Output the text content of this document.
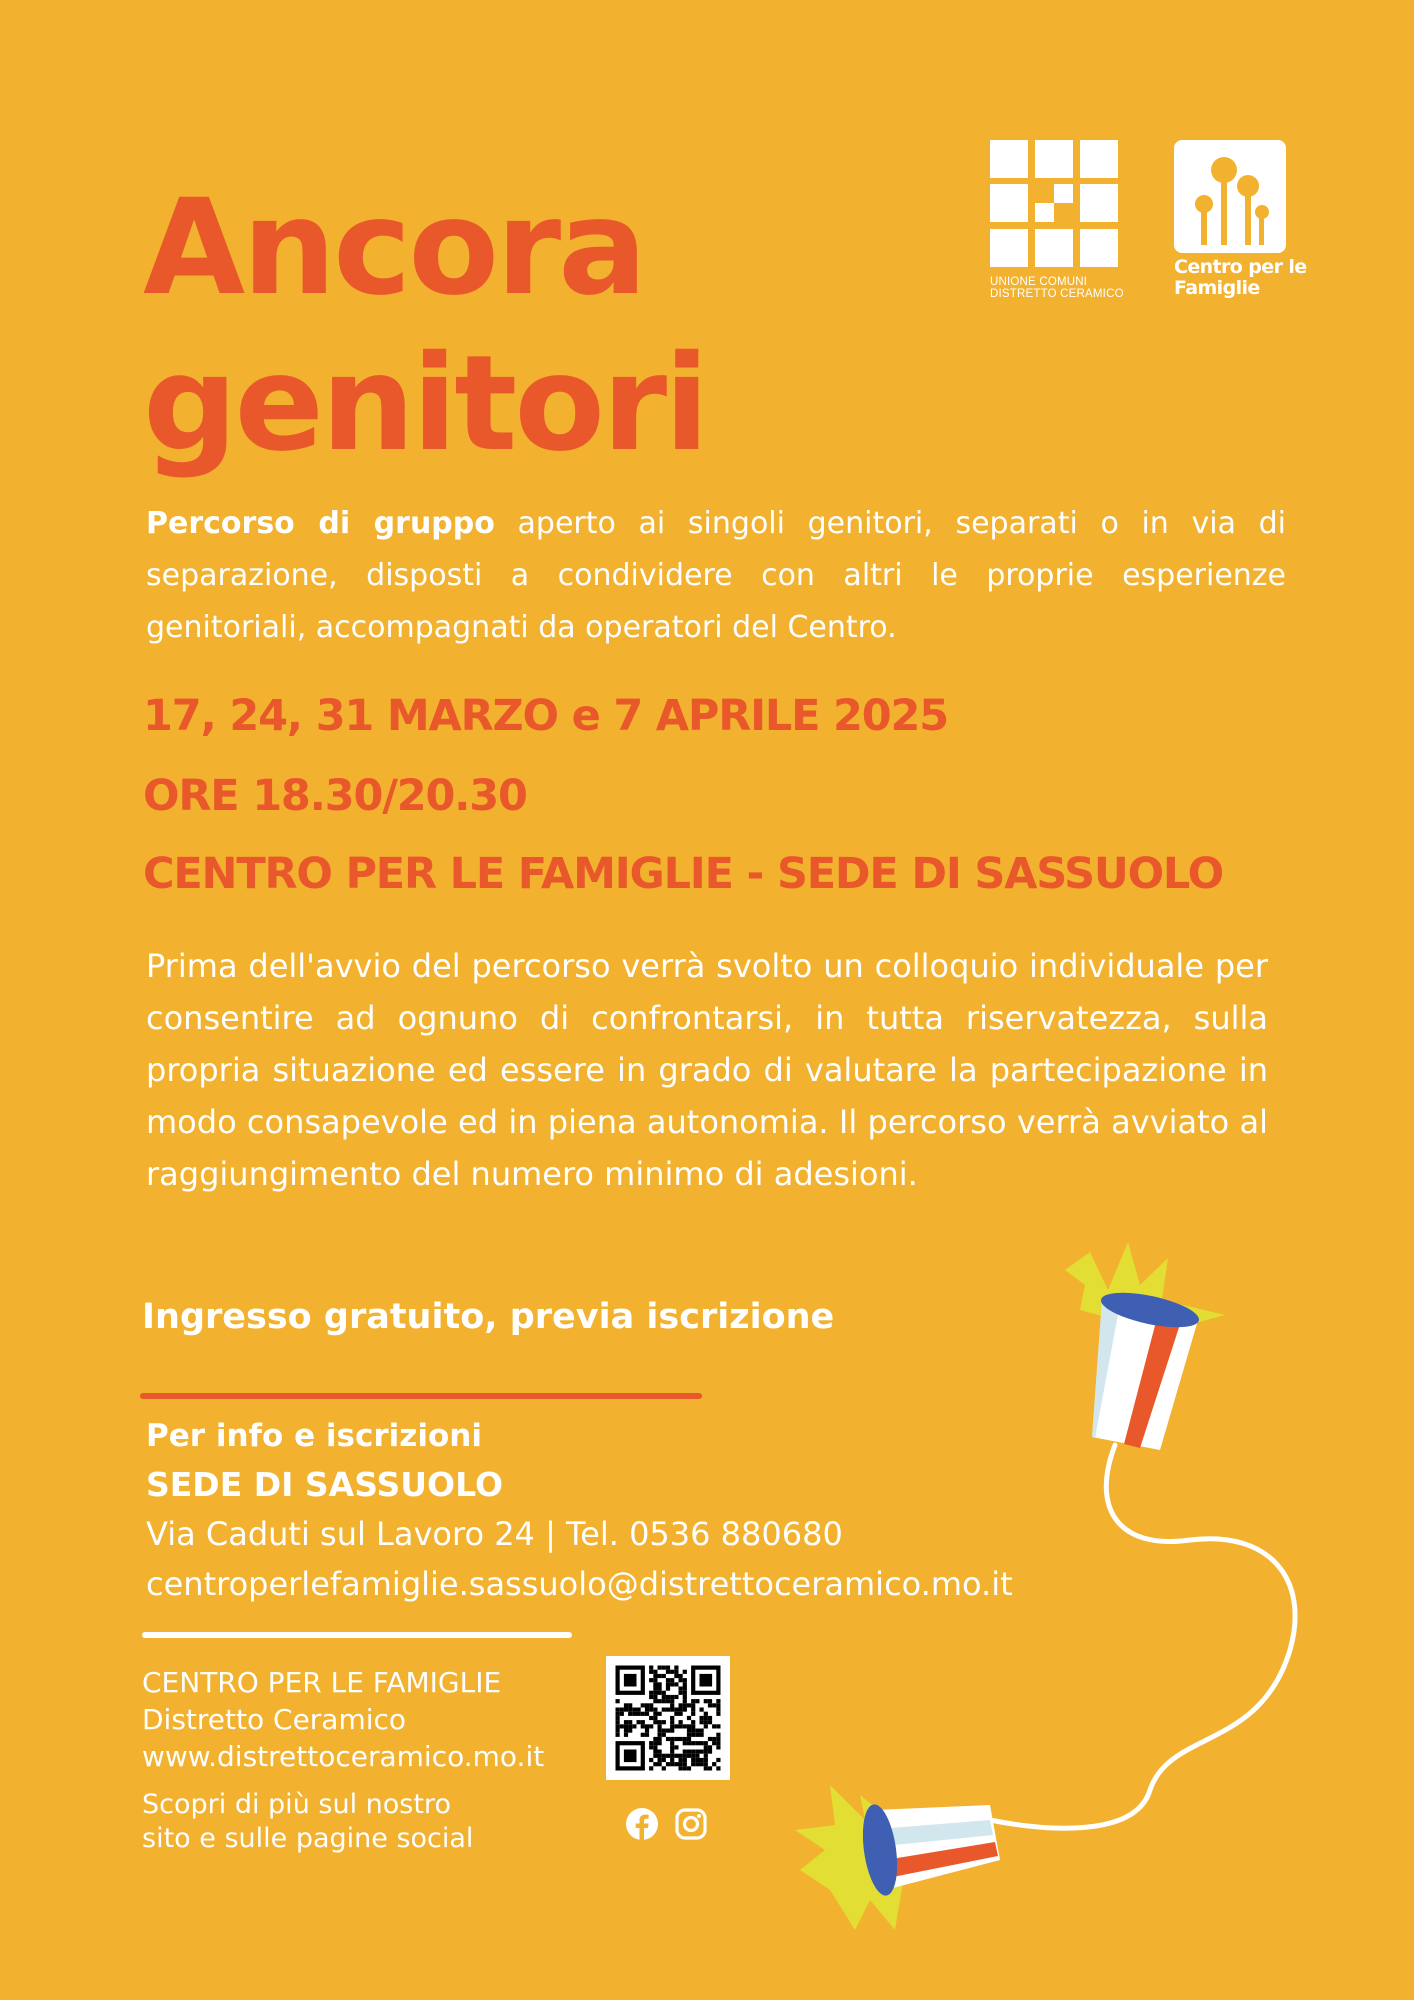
UNIONE COMUNI
DISTRETTO CERAMICO
Centro per le
Famiglie
Ancora
genitori

Percorso di gruppo aperto ai singoli genitori, separati o in via di separazione, disposti a condividere con altri le proprie esperienze genitoriali, accompagnati da operatori del Centro.

17, 24, 31 MARZO e 7 APRILE 2025
ORE 18.30/20.30
CENTRO PER LE FAMIGLIE - SEDE DI SASSUOLO

Prima dell'avvio del percorso verrà svolto un colloquio individuale per consentire ad ognuno di confrontarsi, in tutta riservatezza, sulla propria situazione ed essere in grado di valutare la partecipazione in modo consapevole ed in piena autonomia. Il percorso verrà avviato al raggiungimento del numero minimo di adesioni.

Ingresso gratuito, previa iscrizione
Per info e iscrizioni
SEDE DI SASSUOLO
Via Caduti sul Lavoro 24 | Tel. 0536 880680
centroperlefamiglie.sassuolo@distrettoceramico.mo.it
CENTRO PER LE FAMIGLIE
Distretto Ceramico
www.distrettoceramico.mo.it
Scopri di più sul nostro
sito e sulle pagine social
